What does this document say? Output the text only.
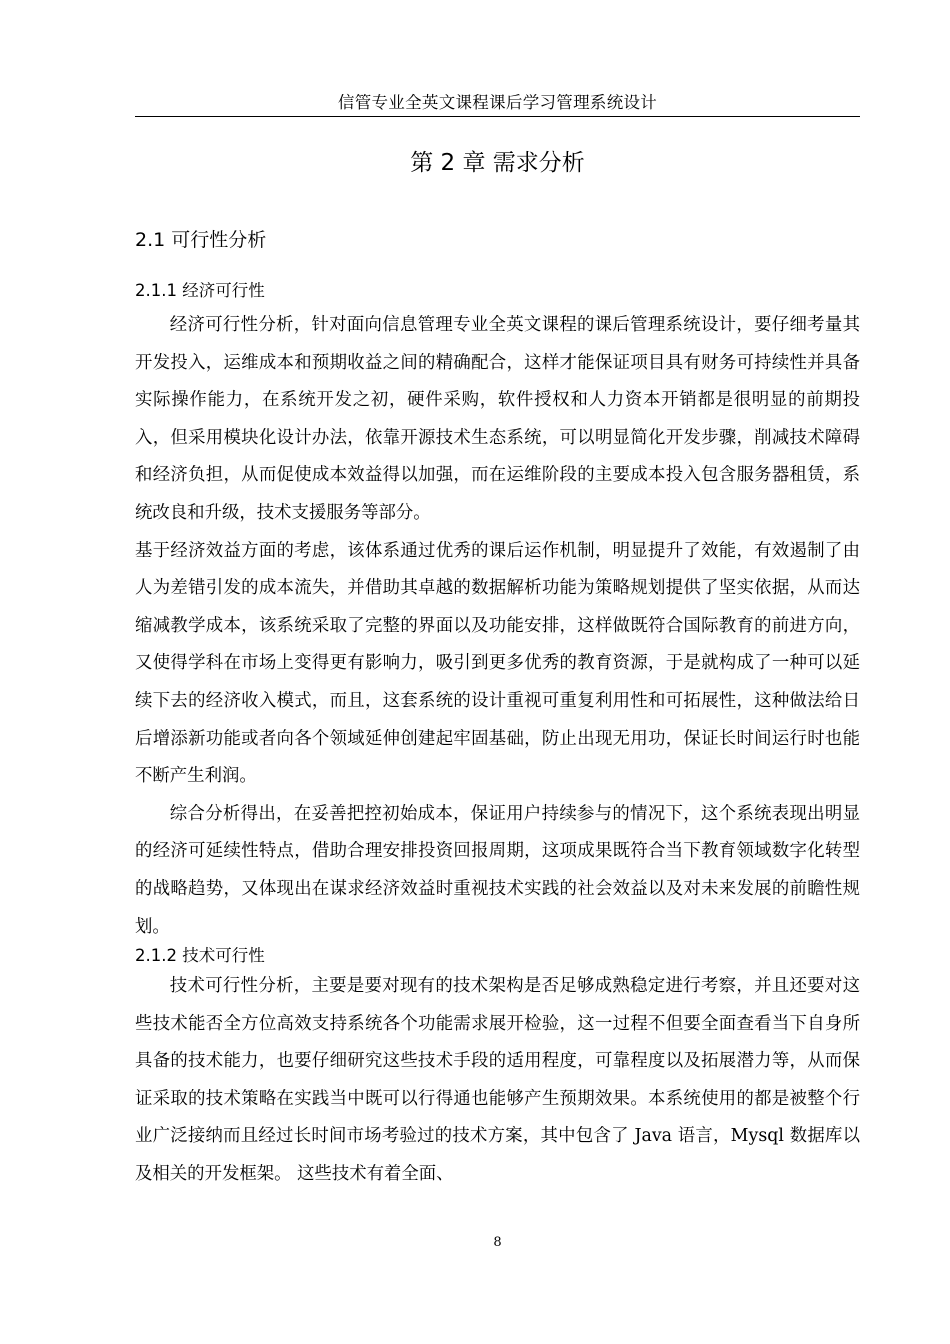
信管专业全英文课程课后学习管理系统设计
第 2 章 需求分析
2.1 可行性分析
2.1.1 经济可行性

经济可行性分析，针对面向信息管理专业全英文课程的课后管理系统设计，要仔细考量其开发投入，运维成本和预期收益之间的精确配合，这样才能保证项目具有财务可持续性并具备实际操作能力，在系统开发之初，硬件采购，软件授权和人力资本开销都是很明显的前期投入，但采用模块化设计办法，依靠开源技术生态系统，可以明显简化开发步骤，削减技术障碍和经济负担，从而促使成本效益得以加强，而在运维阶段的主要成本投入包含服务器租赁，系统改良和升级，技术支援服务等部分。

基于经济效益方面的考虑，该体系通过优秀的课后运作机制，明显提升了效能，有效遏制了由人为差错引发的成本流失，并借助其卓越的数据解析功能为策略规划提供了坚实依据，从而达缩减教学成本，该系统采取了完整的界面以及功能安排，这样做既符合国际教育的前进方向，又使得学科在市场上变得更有影响力，吸引到更多优秀的教育资源，于是就构成了一种可以延续下去的经济收入模式，而且，这套系统的设计重视可重复利用性和可拓展性，这种做法给日后增添新功能或者向各个领域延伸创建起牢固基础，防止出现无用功，保证长时间运行时也能不断产生利润。

综合分析得出，在妥善把控初始成本，保证用户持续参与的情况下，这个系统表现出明显的经济可延续性特点，借助合理安排投资回报周期，这项成果既符合当下教育领域数字化转型的战略趋势，又体现出在谋求经济效益时重视技术实践的社会效益以及对未来发展的前瞻性规划。

2.1.2 技术可行性

技术可行性分析，主要是要对现有的技术架构是否足够成熟稳定进行考察，并且还要对这些技术能否全方位高效支持系统各个功能需求展开检验，这一过程不但要全面查看当下自身所具备的技术能力，也要仔细研究这些技术手段的适用程度，可靠程度以及拓展潜力等，从而保证采取的技术策略在实践当中既可以行得通也能够产生预期效果。本系统使用的都是被整个行业广泛接纳而且经过长时间市场考验过的技术方案，其中包含了 Java 语言，Mysql 数据库以及相关的开发框架。 这些技术有着全面、

8
